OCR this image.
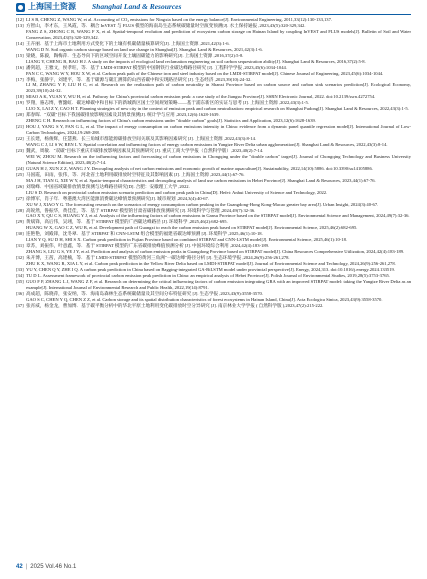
上海国土资源 Shanghai Land & Resources
[12] LI S B, CHENG Z, WANG W, et al. Accounting of CO₂ emissions for Ningxia based on the energy balance[J]. Environmental Engineering, 2011,33(12):130-133,137.
[13] 方智山，李才东，王凤霞，等．耦合 InVEST 与 FLUS 模型的海南岛生态系统碳储量时空演变预测[J]. 水土保持通报 ,2023,43(5):320-329,342.
FANG Z S, ZHONG C R, WANG F X, et al. Spatial-temporal evolution and prediction of ecosystem carbon storage on Hainan Island by coupling InVEST and FLUS models[J]. Bulletin of Soil and Water Conservation, 2023,43(5):320-329,342.
[14] 王卉丽．基于上海市土地利用方式变化下的土壤有机碳储量核算研究[J]. 上海国土资源 ,2021,42(3):1-6.
WANG D N. Soil organic carbon storage based on land use change in Shanghai[J]. Shanghai Land & Resources, 2021,42(3):1-6.
[15] 梁晓，陈毅，陶梅萍．生态导向下的区域空间开发土壤固碳能力的影响研究[J]. 上海国土资源 ,2016,37(2):5-8.
LIANG Y, CHENG B, BAO H J. A study on the impacts of ecological land reclamation engineering on soil carbon sequestration ability[J]. Shanghai Land & Resources, 2016,37(2):5-8.
[16] 潘剑超，王雅文，侯孝旺，等．基于 LMDI-STIRPAT 模型的中国钢铁行业碳达峰路径研究 [J]. 工程科学学报 ,2023,45(6):1034-1044.
PAN C C, WANG W Y, HOU X W, et al. Carbon peak path of the Chinese iron and steel industry based on the LMDI-STIRPAT model[J]. Chinese Journal of Engineering, 2023,45(6):1034-1044.
[17] 李梅，张静宇，刘建平，等．基于碳源与碳汇测算的山西省碳中和实现路径研究 [J]. 生态经济 ,2023,39(10):24-32.
LI M, ZHANG Y F, LIU H C, et al. Research on the realization path of carbon neutrality in Shanxi Province based on carbon source and carbon sink scenarios prediction[J]. Ecological Economy, 2023,39(10):24-32.
[18] MIAO A K, YUAN Y, WU H, et al. Pathway for China's provincial carbon emission peak: a case study of the Jiangsu Province[J]. SSRN Electronic Journal, 2022. doi:10.2139/ssrn.4272754.
[19] 罗翔，骆志博，曹懿虹．碳达峰碳中和目标下的新城新区国土空间规划策略——基于浦东新区的实证与思考 [J]. 上海国土资源 ,2022,43(3):1-5.
LUO X, LAI Z Y, CAO H T. Planning strategies of new city in the context of emission peak and carbon neutralization: empirical research on Shanghai Pudong[J]. Shanghai Land & Resources, 2022,43(3):1-5.
[20] 郑春晖．"双碳"目标下我国碳排放影响因素及其情景预测[J]. 统计学与应用 ,2023,12(6):1628-1639.
ZHENG C H. Research on influencing factors of China's carbon emissions under "double carbon" goals[J]. Statistics and Application, 2023,12(6):1628-1639.
[21] HOU J, YANG S Y, FAN G L, et al. The impact of energy consumption on carbon emissions intensity in China: evidence from a dynamic panel quantile regression model[J]. International Journal of Low-Carbon Technologies, 2024,19:268-288.
[22] 王长建，杨俊辉，任慧燕．长三角城市群能源碳排放空间关联及其影响因素研究 [J]. 上海国土资源 ,2022,43(3):8-14.
WANG C J, LI S W, REN L Y. Spatial correlation and influencing factors of energy carbon emissions in Yangtze River Delta urban agglomeration[J]. Shanghai Land & Resources, 2022,43(3):8-14.
[23] 魏武，周敏．"双碳"目标下重庆市碳排放影响因素及其预测研究 [J]. 重庆工商大学学报（自然科学版）,2023,40(2):7-14.
WEI W, ZHOU M. Research on the influencing factors and forecasting of carbon emissions in Chongqing under the "double carbon" target[J]. Journal of Chongqing Technology and Business University (Natural Science Edition), 2023,40(2):7-14.
[24] GUAN H J, XUN Z Z, WANG J Y. Decoupling analysis of net carbon emissions and economic growth of marine aquaculture[J]. Sustainability, 2022,14(10):5886. doi:10.3390/su14105886.
[25] 马国霞，田雨，张伟，等．河北省土地利用碳排放时空特征及其影响因素 [J]. 上海国土资源 ,2023,44(1):67-76.
MA J H, TIAN G, XIE W Y, et al. Spatio-temporal characteristics and decoupling analysis of land use carbon emissions in Hebei Province[J]. Shanghai Land & Resources, 2023,44(1):67-76.
[26] 刘瑞峰．中国省域碳排放情景预测与达峰路径研究[D]. 合肥：安徽理工大学 ,2022.
LIU S D. Research on provincial carbon emission scenario prediction and carbon peak path in China[D]. Hefei: Anhui University of Science and Technology, 2022.
[27] 徐博军，肖子年．粤港澳大湾区能源消费碳达峰情景预测研究[J]. 城市规划 ,2024,3(4):40-67.
XU W J, XIAO Y G. The forecasting research on the scenarios of energy consumption carbon peaking in the Guangdong-Hong Kong-Macao greater bay area[J]. Urban Insight, 2024(3):40-67.
[28] 高锐然，鲁振华，黄佳佳，等．基于 STIRPAT 模型的甘肃省碳排放预测研究 [J]. 环境科学与管理 ,2024,49(7):32-36.
GAO X Y, QU C S, HUANG Y J, et al. Analysis of the influencing factors of carbon emissions in Gansu Province based on the STIRPAT model[J]. Environmental Science and Management, 2024,49(7):32-36.
[29] 黄斌锋，高后伟，吴翊，等．基于 STIRPAT 模型的广西碳达峰路径 [J]. 环境科学 ,2025,46(2):682-695.
HUANG W X, GAO C Z, WU B, et al. Development path of Guangxi to reach the carbon emission peak based on STIRPAT model[J]. Environmental Science, 2025,46(2):682-695.
[30] 连艳艳，刘殿锋，沈冬翠．基于 STIRPAT 和 CNN-LSTM 组合模型的福建省碳达峰预测 [J]. 环境科学 ,2025,46(1):10-18.
LIAN Y Q, SU D H, SHI S X. Carbon peak prediction in Fujian Province based on combined STIRPAT and CNN-LSTM model[J]. Environmental Science, 2025,46(1):10-18.
[31] 章苏，刘振伟，叶意鑫，等．基于 STIRPAT 模型的广东省碳排放峰值预测分析 [J]. 中国环境综合利用 ,2024,42(4):183-189.
ZHANG S, LIU G S, YE J Y, et al. Prediction and analysis of carbon emission peaks in Guangdong Province based on STIRPAT model[J]. China Resources Comprehensive Utilization, 2024,42(4):183-189.
[32] 朱开博，王茜，高建楠，等．基于 LMDI-STIRPAT 模型的黄河三角洲"一碳达峰"路径分析 [J]. 生态环境学报 ,2024,26(9):256-261,278.
ZHU K X, WANG R, XIA L Y, et al. Carbon peak prediction in the Yellow River Delta based on LMDI-STIRPAT model[J]. Journal of Environmental Science and Technology, 2024,26(9):256-261,278.
[33] YU Y, CHEN Q Y, ZHE I Q. A carbon peak prediction in China based on Bagging-integrated GA-BiLSTM model under provincial perspective[J]. Energy, 2024,313. doi:10.1016/j.energy.2024.133519.
[34] TU D L. Assessment framework of provincial carbon emission peak prediction in China: an empirical analysis of Hebei Province[J]. Polish Journal of Environmental Studies, 2019,28(5):3753-3765.
[35] GUO F P, ZHANG L J, WANG Z F, et al. Research on determining the critical influencing factors of carbon emission integrating GRA with an improved STIRPAT model: taking the Yangtze River Delta as an example[J]. International Journal of Environmental Research and Public Health, 2022,19(14):8791.
[36] 高成超，陈晓萍，张安纳，等．海南岛森林生态系统碳储量及其空间分布特征研究 [J]. 生态学报 ,2023,43(9):3558-3570.
GAO S C, CHEN Y Q, CHEN Z Z, et al. Carbon storage and its spatial distribution characteristics of forest ecosystems in Hainan Island, China[J]. Acta Ecologica Sinica, 2023,43(9):3558-3570.
[37] 张宵威，杨金龙，曹加博．基于碳平衡分析中的华北平原土地利用变化碳排放时空分异研究 [J]. 南京林业大学学报 ( 自然科学版 ),2023,47(2):215-222.
42 | 2025 Vol.46 No.1
